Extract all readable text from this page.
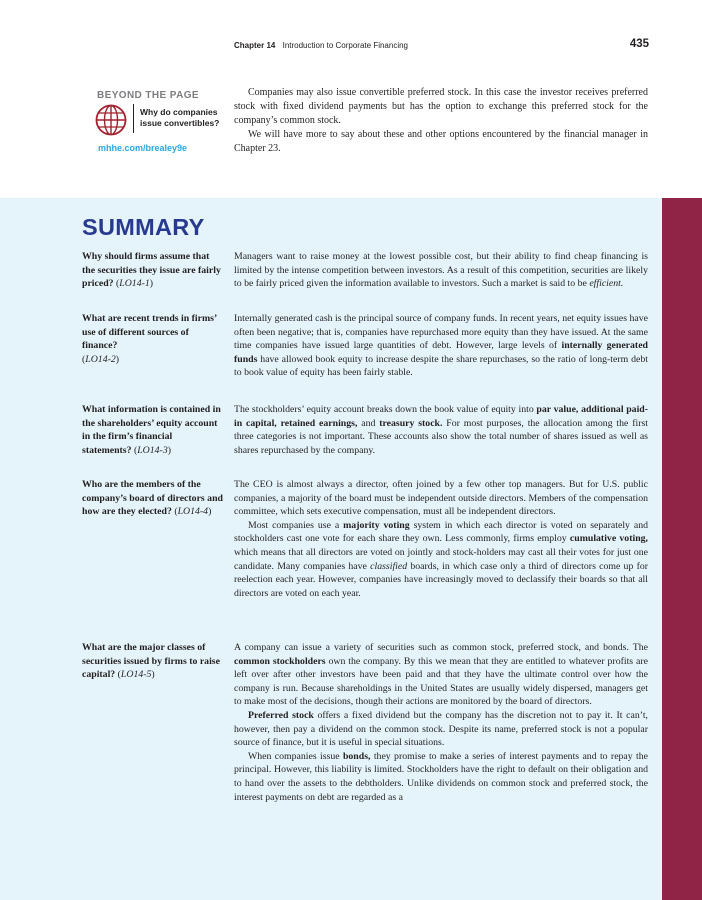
Chapter 14 Introduction to Corporate Financing	435
BEYOND THE PAGE
Why do companies issue convertibles?
mhhe.com/brealey9e

Companies may also issue convertible preferred stock. In this case the investor receives preferred stock with fixed dividend payments but has the option to exchange this preferred stock for the company’s common stock.

We will have more to say about these and other options encountered by the financial manager in Chapter 23.

SUMMARY
Why should firms assume that the securities they issue are fairly priced? (LO14-1)

Managers want to raise money at the lowest possible cost, but their ability to find cheap financing is limited by the intense competition between investors. As a result of this competition, securities are likely to be fairly priced given the information available to investors. Such a market is said to be efficient.

What are recent trends in firms’ use of different sources of finance?
(LO14-2)

Internally generated cash is the principal source of company funds. In recent years, net equity issues have often been negative; that is, companies have repurchased more equity than they have issued. At the same time companies have issued large quantities of debt. However, large levels of internally generated funds have allowed book equity to increase despite the share repurchases, so the ratio of long-term debt to book value of equity has been fairly stable.

What information is contained in the shareholders’ equity account in the firm’s financial statements? (LO14-3)

The stockholders’ equity account breaks down the book value of equity into par value, additional paid-in capital, retained earnings, and treasury stock. For most purposes, the allocation among the first three categories is not important. These accounts also show the total number of shares issued as well as shares repurchased by the company.

Who are the members of the company’s board of directors and how are they elected? (LO14-4)

The CEO is almost always a director, often joined by a few other top managers. But for U.S. public companies, a majority of the board must be independent outside directors. Members of the compensation committee, which sets executive compensation, must all be independent directors.

Most companies use a majority voting system in which each director is voted on separately and stockholders cast one vote for each share they own. Less commonly, firms employ cumulative voting, which means that all directors are voted on jointly and stock-holders may cast all their votes for just one candidate. Many companies have classified boards, in which case only a third of directors come up for reelection each year. However, companies have increasingly moved to declassify their boards so that all directors are voted on each year.

What are the major classes of securities issued by firms to raise capital? (LO14-5)

A company can issue a variety of securities such as common stock, preferred stock, and bonds. The common stockholders own the company. By this we mean that they are entitled to whatever profits are left over after other investors have been paid and that they have the ultimate control over how the company is run. Because shareholdings in the United States are usually widely dispersed, managers get to make most of the decisions, though their actions are monitored by the board of directors.

Preferred stock offers a fixed dividend but the company has the discretion not to pay it. It can’t, however, then pay a dividend on the common stock. Despite its name, preferred stock is not a popular source of finance, but it is useful in special situations.

When companies issue bonds, they promise to make a series of interest payments and to repay the principal. However, this liability is limited. Stockholders have the right to default on their obligation and to hand over the assets to the debtholders. Unlike dividends on common stock and preferred stock, the interest payments on debt are regarded as a
